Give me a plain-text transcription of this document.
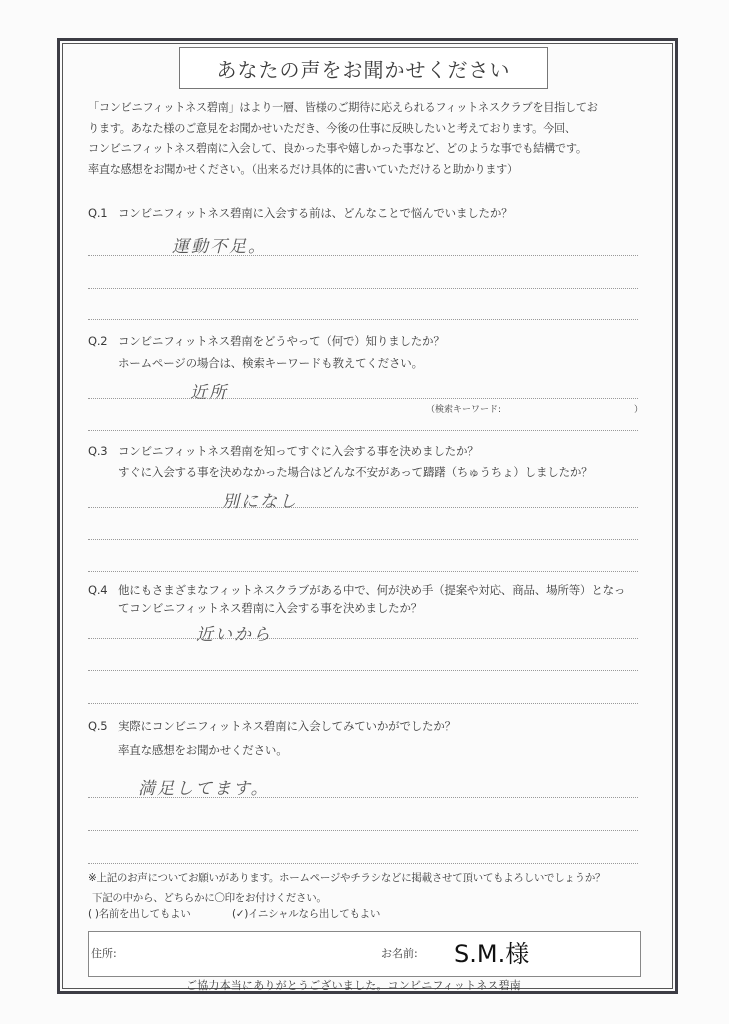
あなたの声をお聞かせください
「コンビニフィットネス碧南」はより一層、皆様のご期待に応えられるフィットネスクラブを目指してお
ります。あなた様のご意見をお聞かせいただき、今後の仕事に反映したいと考えております。今回、
コンビニフィットネス碧南に入会して、良かった事や嬉しかった事など、どのような事でも結構です。
率直な感想をお聞かせください。（出来るだけ具体的に書いていただけると助かります）
Q.1 コンビニフィットネス碧南に入会する前は、どんなことで悩んでいましたか？
運動不足。
Q.2 コンビニフィットネス碧南をどうやって（何で）知りましたか？
ホームページの場合は、検索キーワードも教えてください。
近所
（検索キーワード:	）
Q.3 コンビニフィットネス碧南を知ってすぐに入会する事を決めましたか？
すぐに入会する事を決めなかった場合はどんな不安があって躊躇（ちゅうちょ）しましたか？
別になし
Q.4 他にもさまざまなフィットネスクラブがある中で、何が決め手（提案や対応、商品、場所等）となっ
てコンビニフィットネス碧南に入会する事を決めましたか？
近いから
Q.5 実際にコンビニフィットネス碧南に入会してみていかがでしたか？
率直な感想をお聞かせください。
満足してます。
※上記のお声についてお願いがあります。ホームページやチラシなどに掲載させて頂いてもよろしいでしょうか？
下記の中から、どちらかに〇印をお付けください。
( )名前を出してもよい	(✓)イニシャルなら出してもよい
住所:	お名前: S.M.様
ご協力本当にありがとうございました。コンビニフィットネス碧南
